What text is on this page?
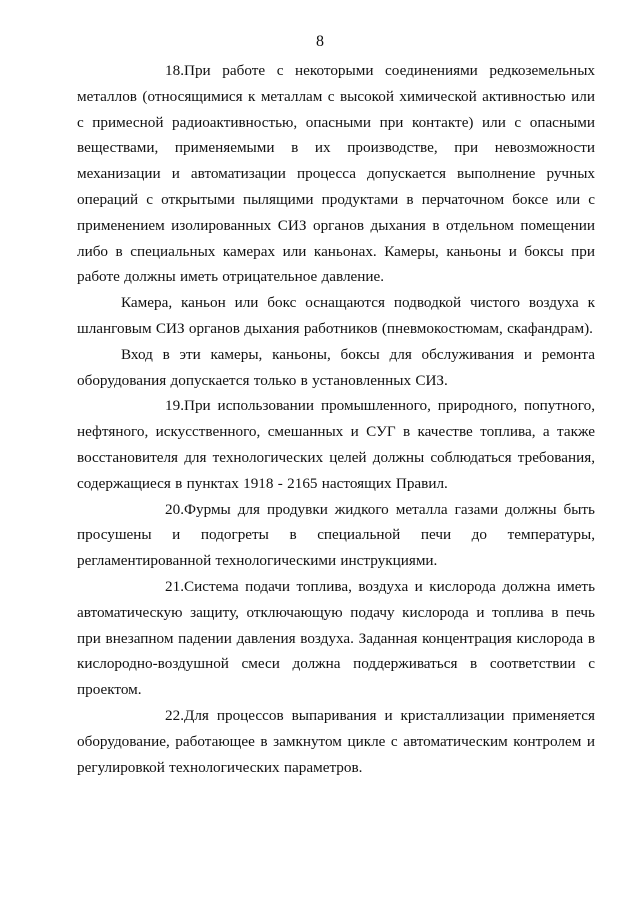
8

18.При работе с некоторыми соединениями редкоземельных металлов (относящимися к металлам с высокой химической активностью или с примесной радиоактивностью, опасными при контакте) или с опасными веществами, применяемыми в их производстве, при невозможности механизации и автоматизации процесса допускается выполнение ручных операций с открытыми пылящими продуктами в перчаточном боксе или с применением изолированных СИЗ органов дыхания в отдельном помещении либо в специальных камерах или каньонах. Камеры, каньоны и боксы при работе должны иметь отрицательное давление.

Камера, каньон или бокс оснащаются подводкой чистого воздуха к шланговым СИЗ органов дыхания работников (пневмокостюмам, скафандрам).

Вход в эти камеры, каньоны, боксы для обслуживания и ремонта оборудования допускается только в установленных СИЗ.

19.При использовании промышленного, природного, попутного, нефтяного, искусственного, смешанных и СУГ в качестве топлива, а также восстановителя для технологических целей должны соблюдаться требования, содержащиеся в пунктах 1918 - 2165 настоящих Правил.

20.Фурмы для продувки жидкого металла газами должны быть просушены и подогреты в специальной печи до температуры, регламентированной технологическими инструкциями.

21.Система подачи топлива, воздуха и кислорода должна иметь автоматическую защиту, отключающую подачу кислорода и топлива в печь при внезапном падении давления воздуха. Заданная концентрация кислорода в кислородно-воздушной смеси должна поддерживаться в соответствии с проектом.

22.Для процессов выпаривания и кристаллизации применяется оборудование, работающее в замкнутом цикле с автоматическим контролем и регулировкой технологических параметров.
